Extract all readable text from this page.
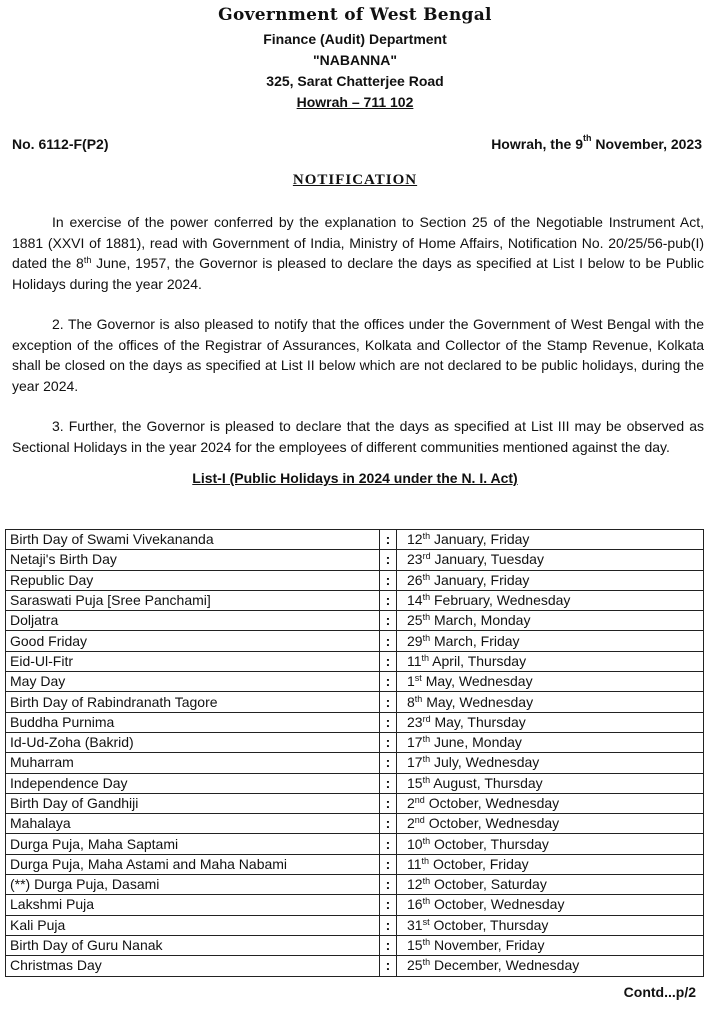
Government of West Bengal
Finance (Audit) Department
"NABANNA"
325, Sarat Chatterjee Road
Howrah – 711 102
No. 6112-F(P2)	Howrah, the 9th November, 2023
NOTIFICATION
In exercise of the power conferred by the explanation to Section 25 of the Negotiable Instrument Act, 1881 (XXVI of 1881), read with Government of India, Ministry of Home Affairs, Notification No. 20/25/56-pub(I) dated the 8th June, 1957, the Governor is pleased to declare the days as specified at List I below to be Public Holidays during the year 2024.
2. The Governor is also pleased to notify that the offices under the Government of West Bengal with the exception of the offices of the Registrar of Assurances, Kolkata and Collector of the Stamp Revenue, Kolkata shall be closed on the days as specified at List II below which are not declared to be public holidays, during the year 2024.
3. Further, the Governor is pleased to declare that the days as specified at List III may be observed as Sectional Holidays in the year 2024 for the employees of different communities mentioned against the day.
List-I (Public Holidays in 2024 under the N. I. Act)
Birth Day of Swami Vivekananda	:	12th January, Friday
Netaji's Birth Day	:	23rd January, Tuesday
Republic Day	:	26th January, Friday
Saraswati Puja [Sree Panchami]	:	14th February, Wednesday
Doljatra	:	25th March, Monday
Good Friday	:	29th March, Friday
Eid-Ul-Fitr	:	11th April, Thursday
May Day	:	1st May, Wednesday
Birth Day of Rabindranath Tagore	:	8th May, Wednesday
Buddha Purnima	:	23rd May, Thursday
Id-Ud-Zoha (Bakrid)	:	17th June, Monday
Muharram	:	17th July, Wednesday
Independence Day	:	15th August, Thursday
Birth Day of Gandhiji	:	2nd October, Wednesday
Mahalaya	:	2nd October, Wednesday
Durga Puja, Maha Saptami	:	10th October, Thursday
Durga Puja, Maha Astami and Maha Nabami	:	11th October, Friday
(**) Durga Puja, Dasami	:	12th October, Saturday
Lakshmi Puja	:	16th October, Wednesday
Kali Puja	:	31st October, Thursday
Birth Day of Guru Nanak	:	15th November, Friday
Christmas Day	:	25th December, Wednesday
Contd...p/2
